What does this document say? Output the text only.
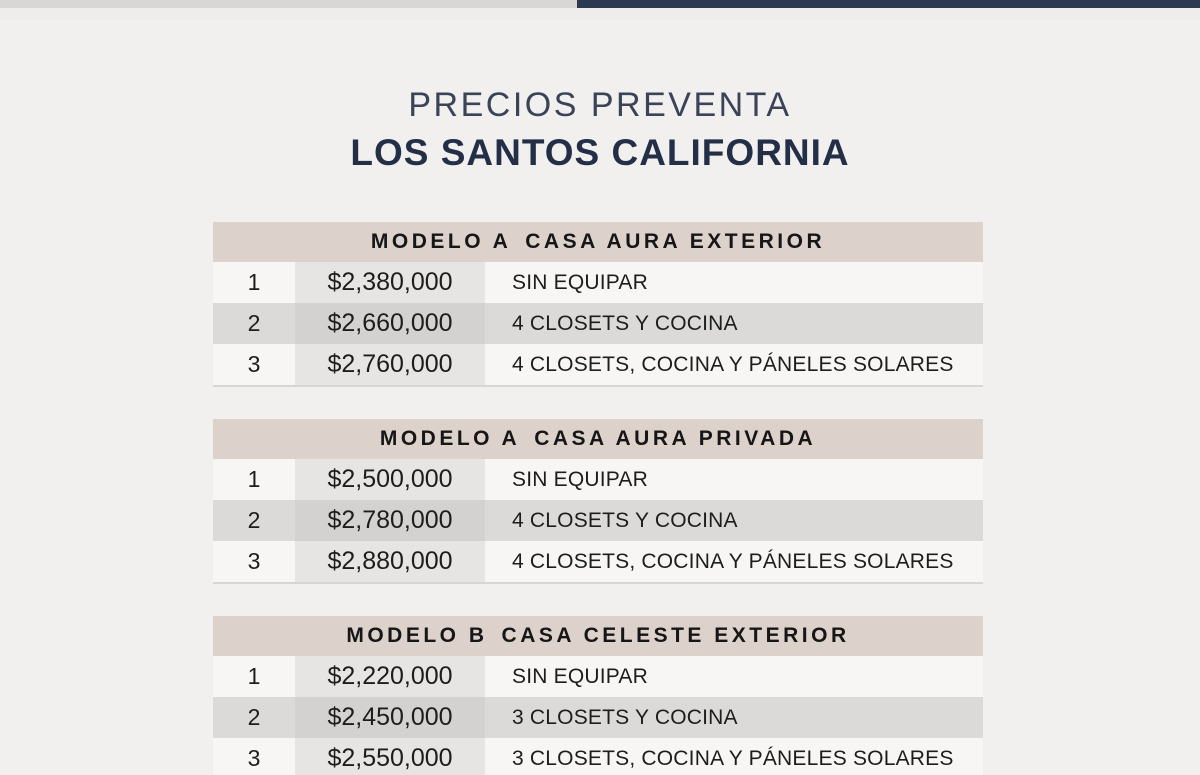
PRECIOS PREVENTA
LOS SANTOS CALIFORNIA
MODELO A CASA AURA EXTERIOR
1	$2,380,000	SIN EQUIPAR
2	$2,660,000	4 CLOSETS Y COCINA
3	$2,760,000	4 CLOSETS, COCINA Y PÁNELES SOLARES
MODELO A CASA AURA PRIVADA
1	$2,500,000	SIN EQUIPAR
2	$2,780,000	4 CLOSETS Y COCINA
3	$2,880,000	4 CLOSETS, COCINA Y PÁNELES SOLARES
MODELO B CASA CELESTE EXTERIOR
1	$2,220,000	SIN EQUIPAR
2	$2,450,000	3 CLOSETS Y COCINA
3	$2,550,000	3 CLOSETS, COCINA Y PÁNELES SOLARES
